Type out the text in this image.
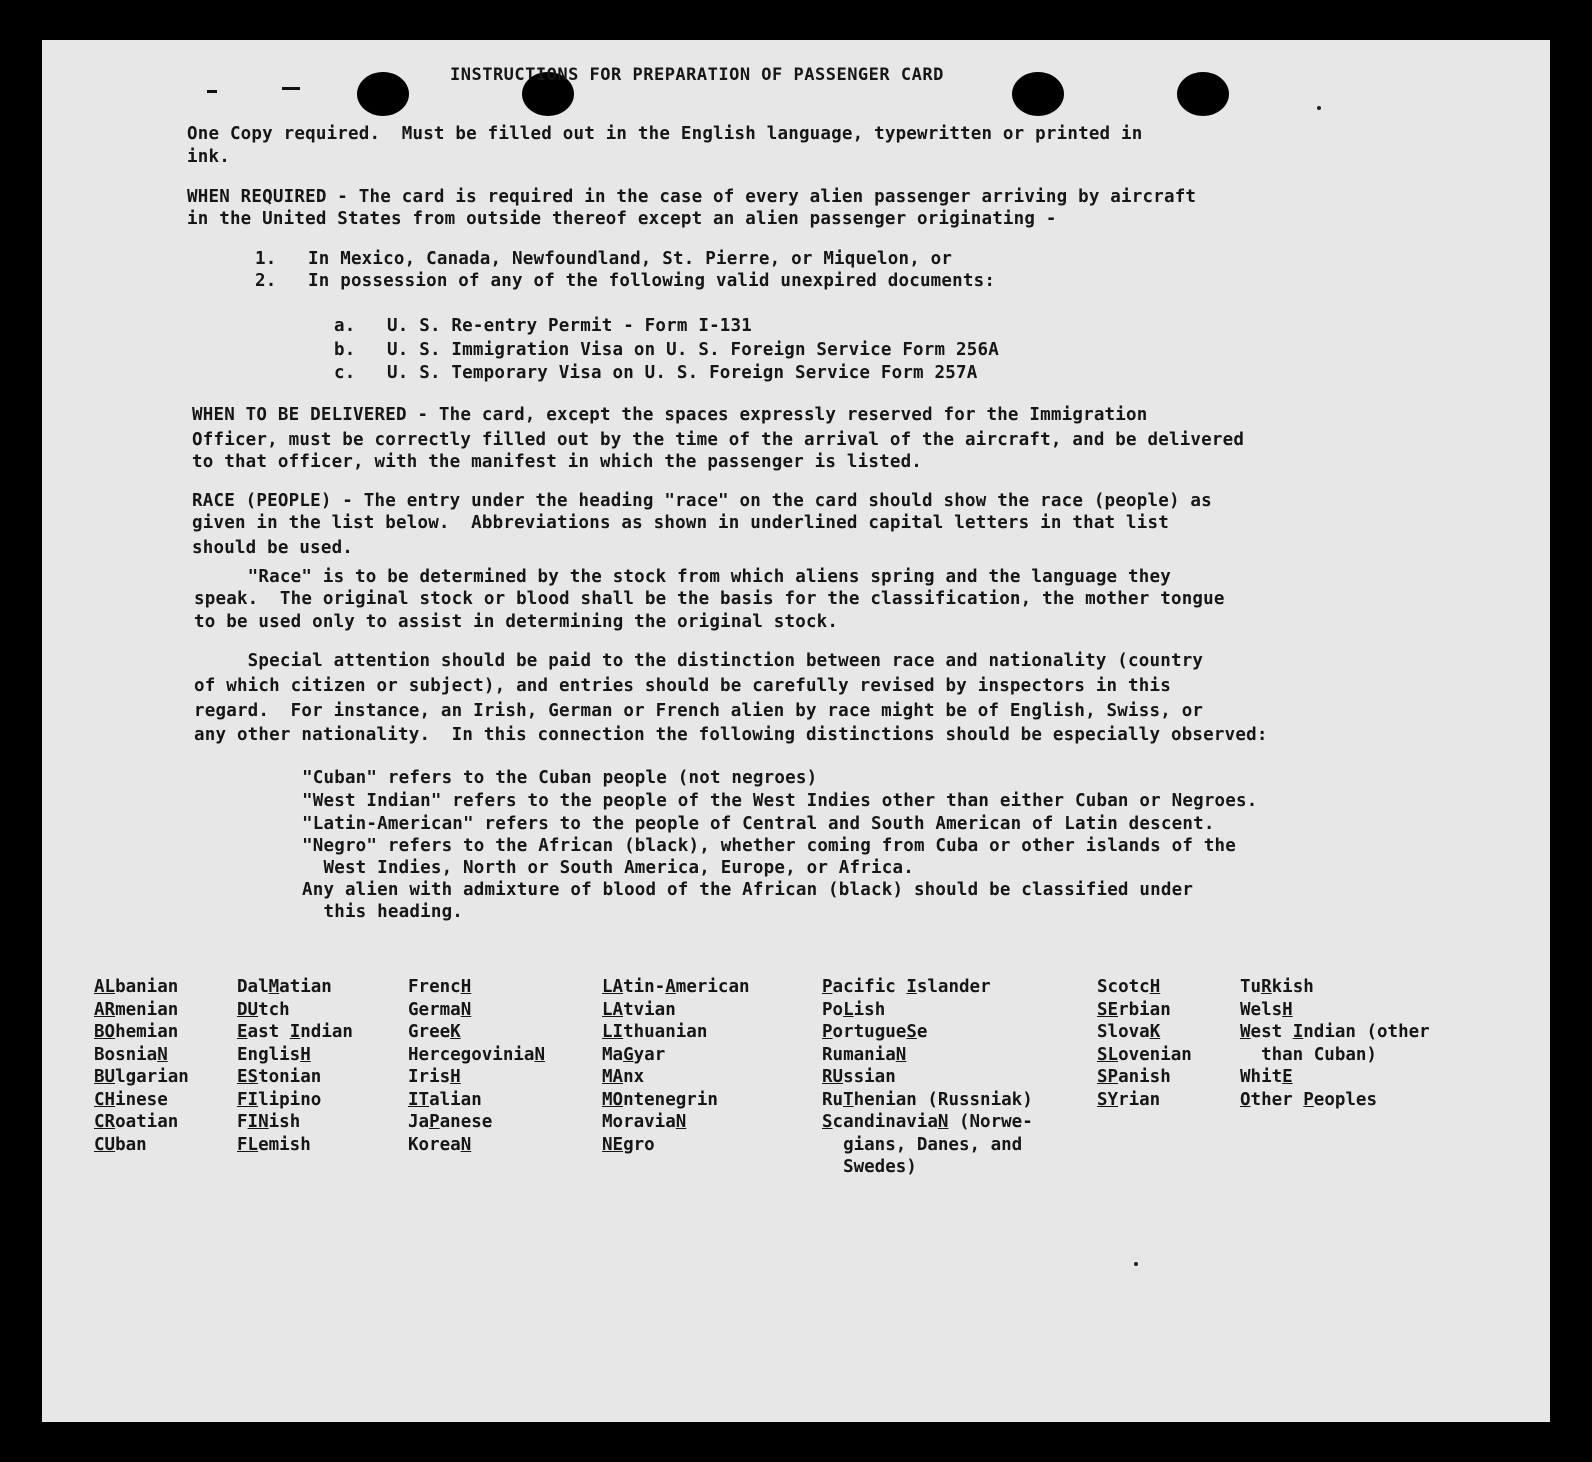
INSTRUCTIONS FOR PREPARATION OF PASSENGER CARD
One Copy required.  Must be filled out in the English language, typewritten or printed in
ink.
WHEN REQUIRED - The card is required in the case of every alien passenger arriving by aircraft
in the United States from outside thereof except an alien passenger originating -
1. In Mexico, Canada, Newfoundland, St. Pierre, or Miquelon, or
2. In possession of any of the following valid unexpired documents:
a. U. S. Re-entry Permit - Form I-131
b. U. S. Immigration Visa on U. S. Foreign Service Form 256A
c. U. S. Temporary Visa on U. S. Foreign Service Form 257A
WHEN TO BE DELIVERED - The card, except the spaces expressly reserved for the Immigration
Officer, must be correctly filled out by the time of the arrival of the aircraft, and be delivered
to that officer, with the manifest in which the passenger is listed.
RACE (PEOPLE) - The entry under the heading "race" on the card should show the race (people) as
given in the list below.  Abbreviations as shown in underlined capital letters in that list
should be used.
"Race" is to be determined by the stock from which aliens spring and the language they
speak.  The original stock or blood shall be the basis for the classification, the mother tongue
to be used only to assist in determining the original stock.
Special attention should be paid to the distinction between race and nationality (country
of which citizen or subject), and entries should be carefully revised by inspectors in this
regard.  For instance, an Irish, German or French alien by race might be of English, Swiss, or
any other nationality.  In this connection the following distinctions should be especially observed:
"Cuban" refers to the Cuban people (not negroes)
"West Indian" refers to the people of the West Indies other than either Cuban or Negroes.
"Latin-American" refers to the people of Central and South American of Latin descent.
"Negro" refers to the African (black), whether coming from Cuba or other islands of the
West Indies, North or South America, Europe, or Africa.
Any alien with admixture of blood of the African (black) should be classified under
this heading.
ALbanian
ARmenian
BOhemian
BosniaN
BUlgarian
CHinese
CRoatian
CUban
DalMatian
DUtch
East Indian
EnglisH
EStonian
FIlipino
FINish
FLemish
FrencH
GermaN
GreeK
HercegoviniaN
IrisH
ITalian
JaPanese
KoreaN
LAtin-American
LAtvian
LIthuanian
MaGyar
MAnx
MOntenegrin
MoraviaN
NEgro
Pacific Islander
PoLish
PortugueSe
RumaniaN
RUssian
RuThenian (Russniak)
ScandinaviaN (Norwe-
gians, Danes, and
Swedes)
ScotcH
SErbian
SlovaK
SLovenian
SPanish
SYrian
TuRkish
WelsH
West Indian (other
than Cuban)
WhitE
Other Peoples
